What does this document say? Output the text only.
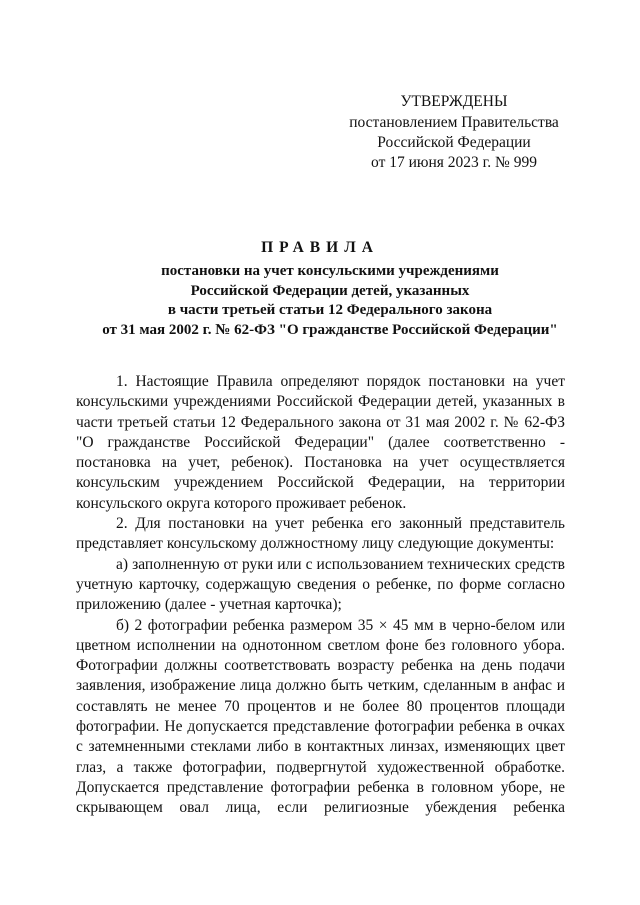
УТВЕРЖДЕНЫ
постановлением Правительства
Российской Федерации
от 17 июня 2023 г. № 999
ПРАВИЛА
постановки на учет консульскими учреждениями
Российской Федерации детей, указанных
в части третьей статьи 12 Федерального закона
от 31 мая 2002 г. № 62-ФЗ "О гражданстве Российской Федерации"

1. Настоящие Правила определяют порядок постановки на учет консульскими учреждениями Российской Федерации детей, указанных в части третьей статьи 12 Федерального закона от 31 мая 2002 г. № 62-ФЗ "О гражданстве Российской Федерации" (далее соответственно - постановка на учет, ребенок). Постановка на учет осуществляется консульским учреждением Российской Федерации, на территории консульского округа которого проживает ребенок.

2. Для постановки на учет ребенка его законный представитель представляет консульскому должностному лицу следующие документы:

а) заполненную от руки или с использованием технических средств учетную карточку, содержащую сведения о ребенке, по форме согласно приложению (далее - учетная карточка);

б) 2 фотографии ребенка размером 35 × 45 мм в черно-белом или цветном исполнении на однотонном светлом фоне без головного убора. Фотографии должны соответствовать возрасту ребенка на день подачи заявления, изображение лица должно быть четким, сделанным в анфас и составлять не менее 70 процентов и не более 80 процентов площади фотографии. Не допускается представление фотографии ребенка в очках с затемненными стеклами либо в контактных линзах, изменяющих цвет глаз, а также фотографии, подвергнутой художественной обработке. Допускается представление фотографии ребенка в головном уборе, не скрывающем овал лица, если религиозные убеждения ребенка
